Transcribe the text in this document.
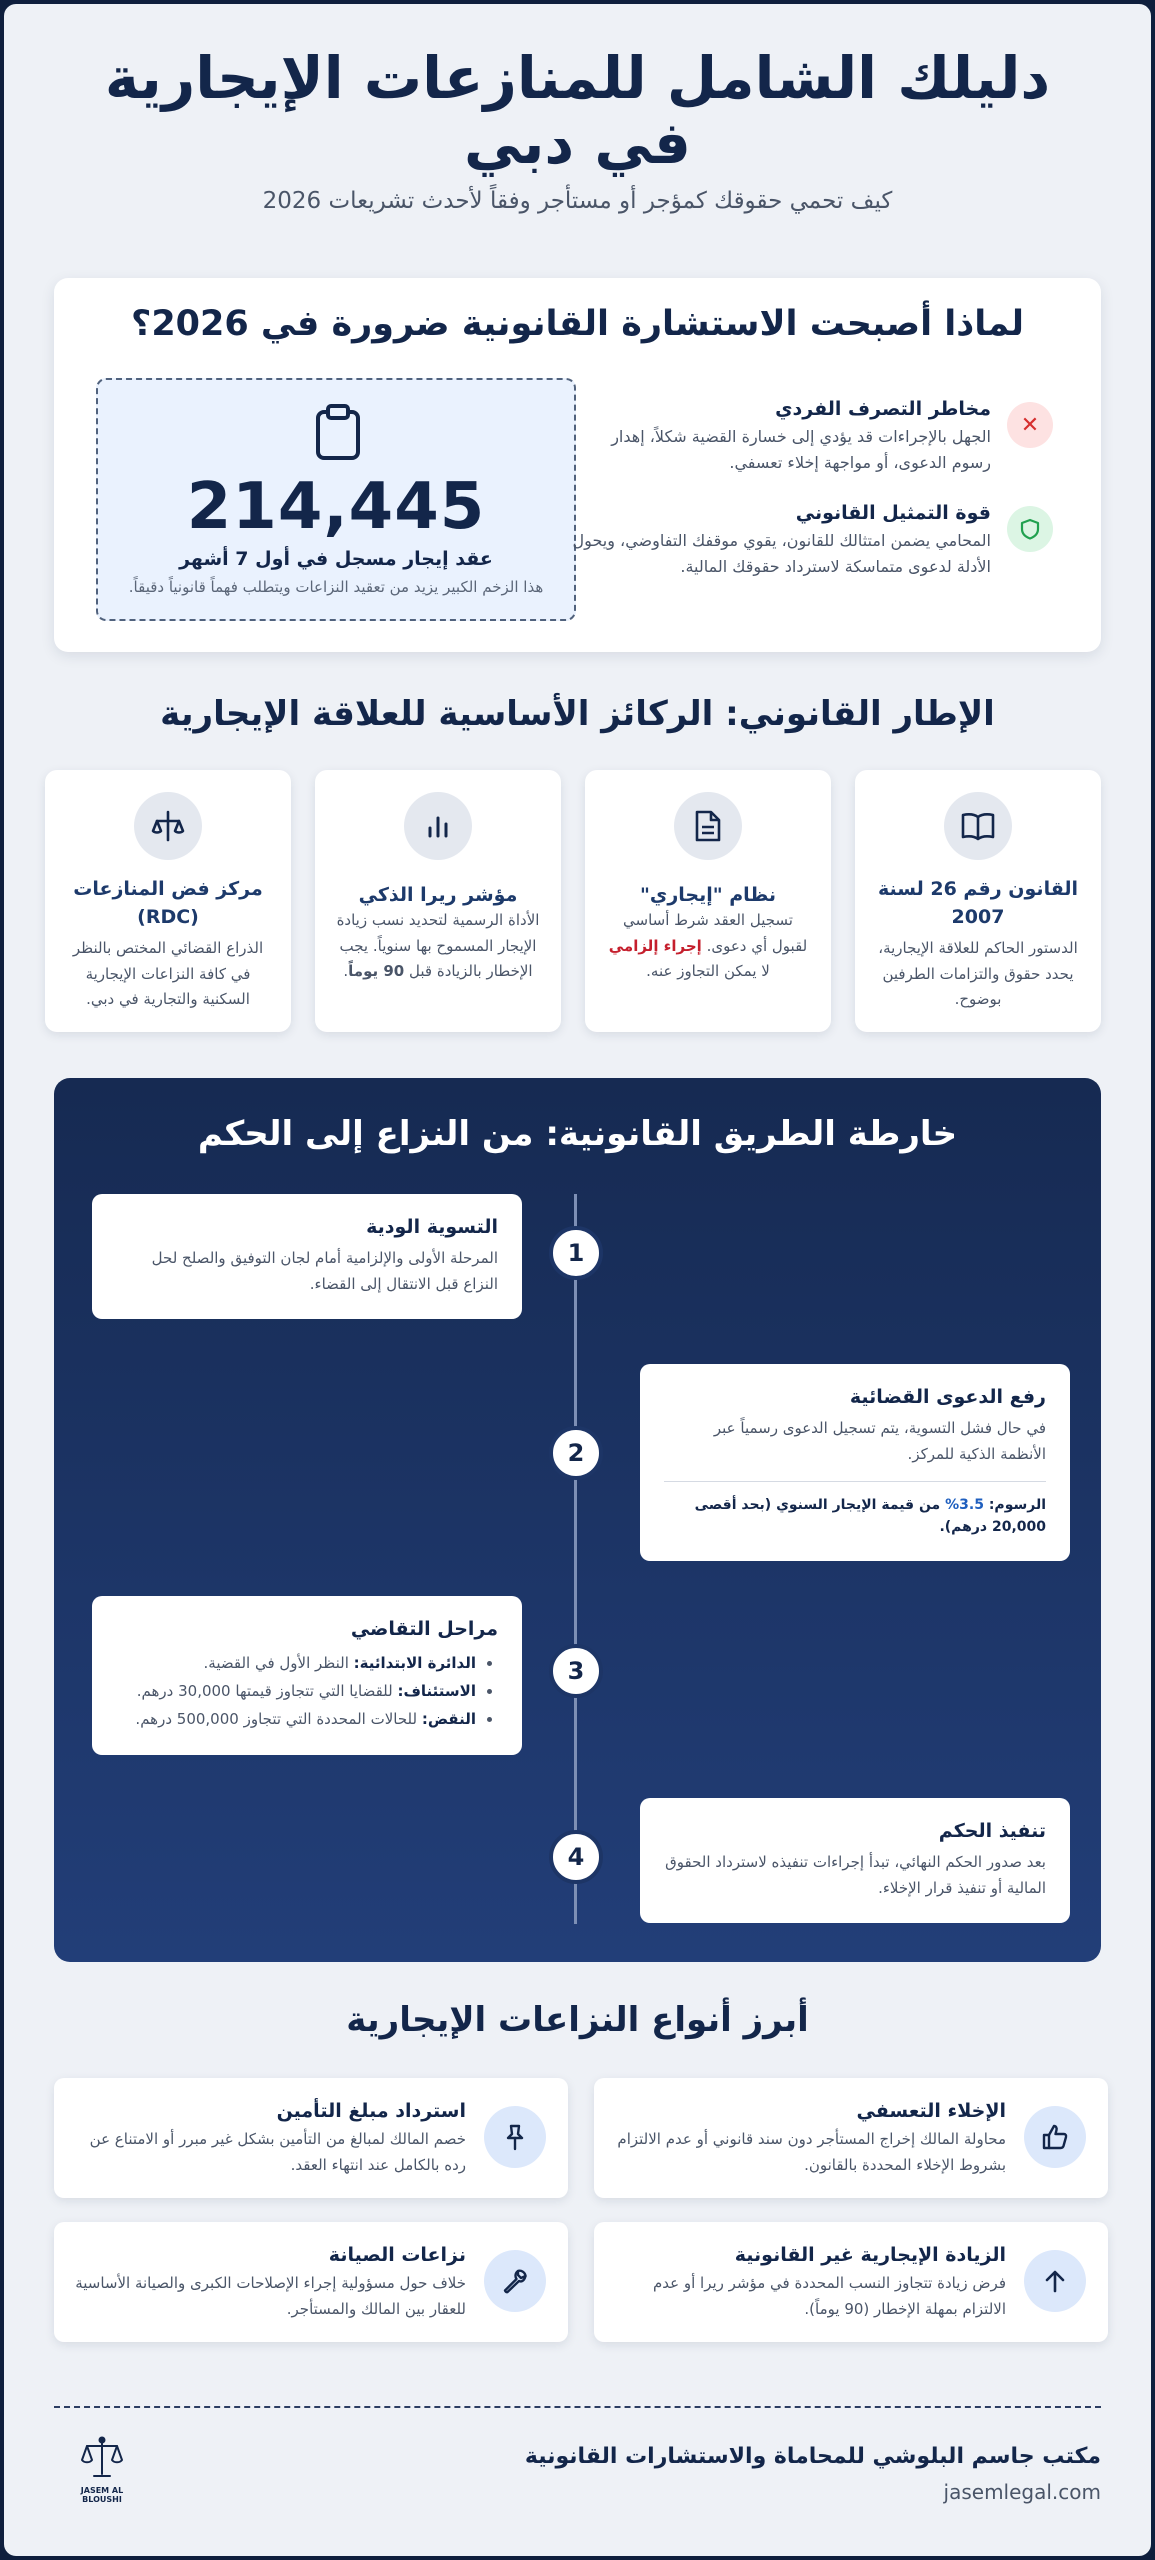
دليلك الشامل للمنازعات الإيجارية في دبي

كيف تحمي حقوقك كمؤجر أو مستأجر وفقاً لأحدث تشريعات 2026

لماذا أصبحت الاستشارة القانونية ضرورة في 2026؟
214,445
عقد إيجار مسجل في أول 7 أشهر
هذا الزخم الكبير يزيد من تعقيد النزاعات ويتطلب فهماً قانونياً دقيقاً.
✕
مخاطر التصرف الفردي
الجهل بالإجراءات قد يؤدي إلى خسارة القضية شكلاً، إهدار رسوم الدعوى، أو مواجهة إخلاء تعسفي.
قوة التمثيل القانوني
المحامي يضمن امتثالك للقانون، يقوي موقفك التفاوضي، ويحول الأدلة لدعوى متماسكة لاسترداد حقوقك المالية.
الإطار القانوني: الركائز الأساسية للعلاقة الإيجارية
القانون رقم 26 لسنة 2007
الدستور الحاكم للعلاقة الإيجارية، يحدد حقوق والتزامات الطرفين بوضوح.
نظام "إيجاري"
تسجيل العقد شرط أساسي لقبول أي دعوى. إجراء إلزامي لا يمكن التجاوز عنه.
مؤشر ريرا الذكي
الأداة الرسمية لتحديد نسب زيادة الإيجار المسموح بها سنوياً. يجب الإخطار بالزيادة قبل 90 يوماً.
مركز فض المنازعات (RDC)
الذراع القضائي المختص بالنظر في كافة النزاعات الإيجارية السكنية والتجارية في دبي.
خارطة الطريق القانونية: من النزاع إلى الحكم
1
التسوية الودية
المرحلة الأولى والإلزامية أمام لجان التوفيق والصلح لحل النزاع قبل الانتقال إلى القضاء.
2
رفع الدعوى القضائية
في حال فشل التسوية، يتم تسجيل الدعوى رسمياً عبر الأنظمة الذكية للمركز.
الرسوم: 3.5% من قيمة الإيجار السنوي (بحد أقصى 20,000 درهم).
3
مراحل التقاضي
• الدائرة الابتدائية: النظر الأول في القضية.
• الاستئناف: للقضايا التي تتجاوز قيمتها 30,000 درهم.
• النقض: للحالات المحددة التي تتجاوز 500,000 درهم.
4
تنفيذ الحكم
بعد صدور الحكم النهائي، تبدأ إجراءات تنفيذه لاسترداد الحقوق المالية أو تنفيذ قرار الإخلاء.
أبرز أنواع النزاعات الإيجارية
الإخلاء التعسفي
محاولة المالك إخراج المستأجر دون سند قانوني أو عدم الالتزام بشروط الإخلاء المحددة بالقانون.
استرداد مبلغ التأمين
خصم المالك لمبالغ من التأمين بشكل غير مبرر أو الامتناع عن رده بالكامل عند انتهاء العقد.
الزيادة الإيجارية غير القانونية
فرض زيادة تتجاوز النسب المحددة في مؤشر ريرا أو عدم الالتزام بمهلة الإخطار (90 يوماً).
نزاعات الصيانة
خلاف حول مسؤولية إجراء الإصلاحات الكبرى والصيانة الأساسية للعقار بين المالك والمستأجر.
مكتب جاسم البلوشي للمحاماة والاستشارات القانونية
jasemlegal.com
JASEM AL BLOUSHI
